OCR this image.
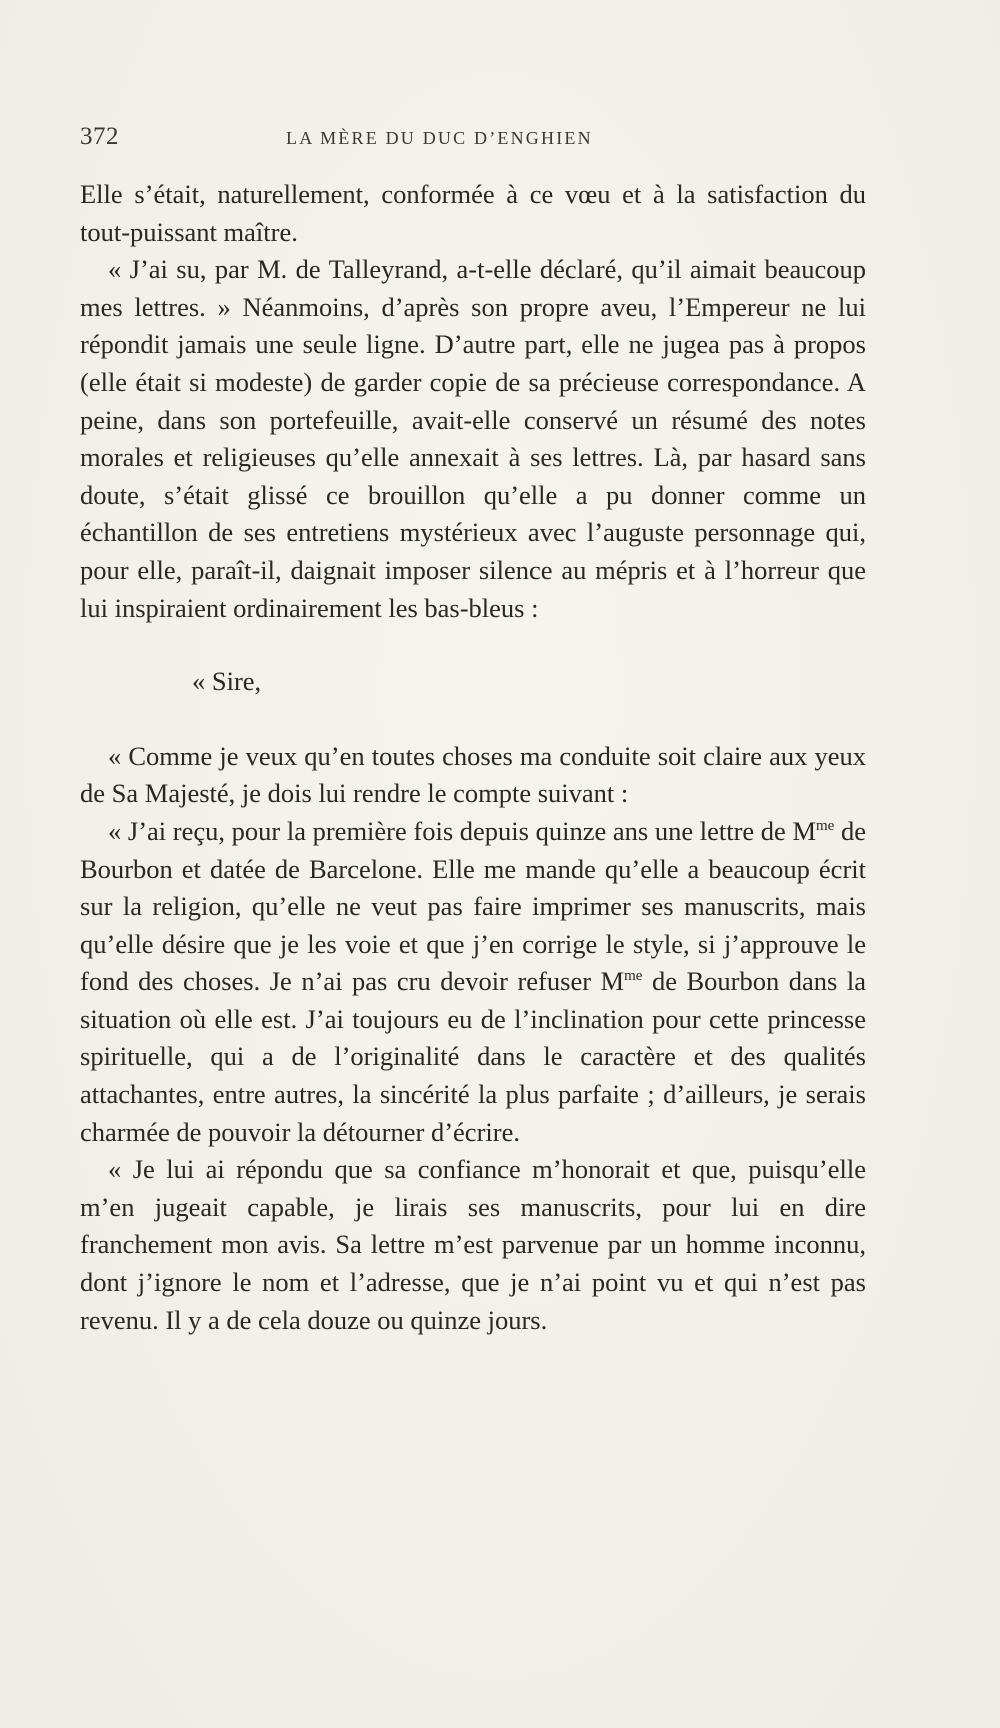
372	LA MÈRE DU DUC D’ENGHIEN

Elle s’était, naturellement, conformée à ce vœu et à la satisfaction du tout-puissant maître.

« J’ai su, par M. de Talleyrand, a-t-elle déclaré, qu’il aimait beaucoup mes lettres. » Néanmoins, d’après son propre aveu, l’Empereur ne lui répondit jamais une seule ligne. D’autre part, elle ne jugea pas à propos (elle était si modeste) de garder copie de sa précieuse correspondance. A peine, dans son portefeuille, avait-elle conservé un résumé des notes morales et religieuses qu’elle annexait à ses lettres. Là, par hasard sans doute, s’était glissé ce brouillon qu’elle a pu donner comme un échantillon de ses entretiens mystérieux avec l’auguste personnage qui, pour elle, paraît-il, daignait imposer silence au mépris et à l’horreur que lui inspiraient ordinairement les bas-bleus :

« Sire,

« Comme je veux qu’en toutes choses ma conduite soit claire aux yeux de Sa Majesté, je dois lui rendre le compte suivant :

« J’ai reçu, pour la première fois depuis quinze ans une lettre de $M^{me}$ de Bourbon et datée de Barcelone. Elle me mande qu’elle a beaucoup écrit sur la religion, qu’elle ne veut pas faire imprimer ses manuscrits, mais qu’elle désire que je les voie et que j’en corrige le style, si j’approuve le fond des choses. Je n’ai pas cru devoir refuser $M^{me}$ de Bourbon dans la situation où elle est. J’ai toujours eu de l’inclination pour cette princesse spirituelle, qui a de l’originalité dans le caractère et des qualités attachantes, entre autres, la sincérité la plus parfaite ; d’ailleurs, je serais charmée de pouvoir la détourner d’écrire.

« Je lui ai répondu que sa confiance m’honorait et que, puisqu’elle m’en jugeait capable, je lirais ses manuscrits, pour lui en dire franchement mon avis. Sa lettre m’est parvenue par un homme inconnu, dont j’ignore le nom et l’adresse, que je n’ai point vu et qui n’est pas revenu. Il y a de cela douze ou quinze jours.
